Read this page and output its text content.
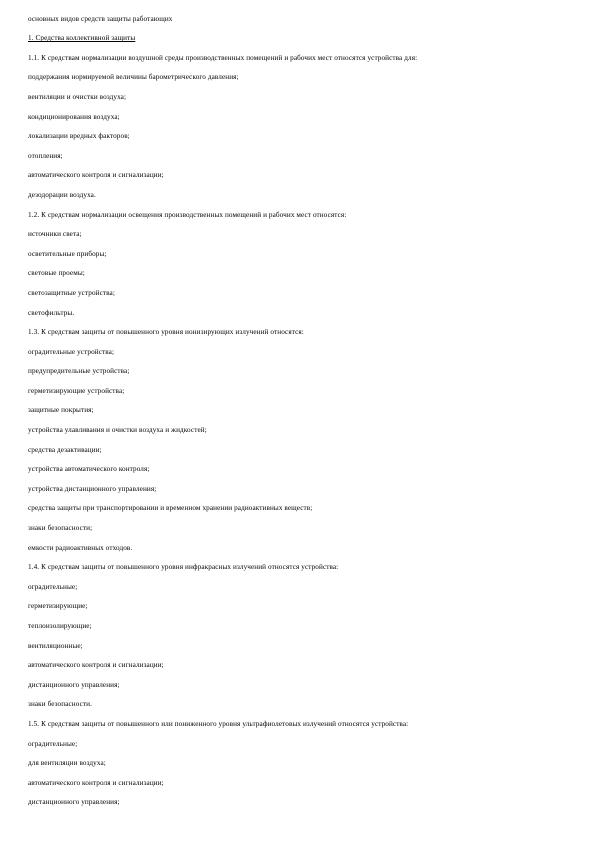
основных видов средств защиты работающих
1. Средства коллективной защиты
1.1. К средствам нормализации воздушной среды производственных помещений и рабочих мест относятся устройства для:
поддержания нормируемой величины барометрического давления;
вентиляции и очистки воздуха;
кондиционирования воздуха;
локализации вредных факторов;
отопления;
автоматического контроля и сигнализации;
дезодорации воздуха.
1.2. К средствам нормализации освещения производственных помещений и рабочих мест относятся:
источники света;
осветительные приборы;
световые проемы;
светозащитные устройства;
светофильтры.
1.3. К средствам защиты от повышенного уровня ионизирующих излучений относятся:
оградительные устройства;
предупредительные устройства;
герметизирующие устройства;
защитные покрытия;
устройства улавливания и очистки воздуха и жидкостей;
средства дезактивации;
устройства автоматического контроля;
устройства дистанционного управления;
средства защиты при транспортировании и временном хранении радиоактивных веществ;
знаки безопасности;
емкости радиоактивных отходов.
1.4. К средствам защиты от повышенного уровня инфракрасных излучений относятся устройства:
оградительные;
герметизирующие;
теплоизолирующие;
вентиляционные;
автоматического контроля и сигнализации;
дистанционного управления;
знаки безопасности.
1.5. К средствам защиты от повышенного или пониженного уровня ультрафиолетовых излучений относятся устройства:
оградительные;
для вентиляции воздуха;
автоматического контроля и сигнализации;
дистанционного управления;
